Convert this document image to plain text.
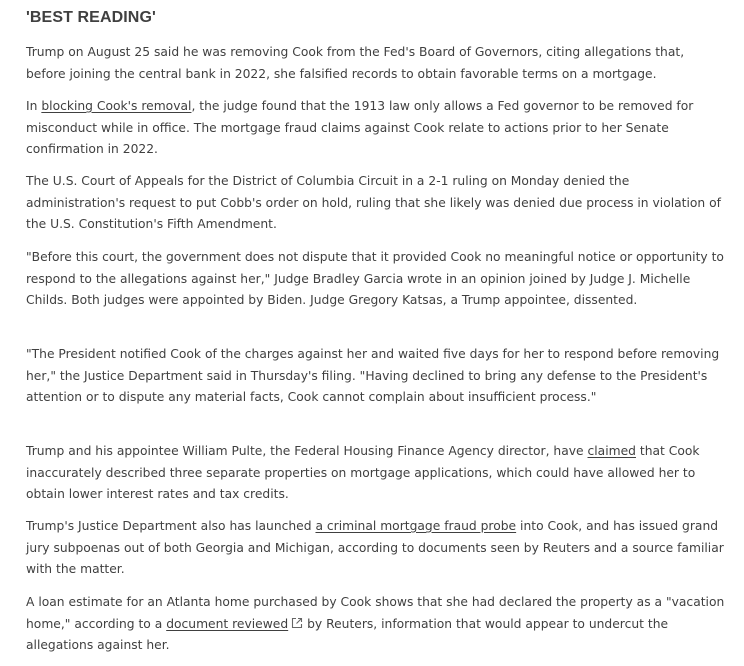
'BEST READING'

Trump on August 25 said he was removing Cook from the Fed's Board of Governors, citing allegations that, before joining the central bank in 2022, she falsified records to obtain favorable terms on a mortgage.

In blocking Cook's removal, the judge found that the 1913 law only allows a Fed governor to be removed for misconduct while in office. The mortgage fraud claims against Cook relate to actions prior to her Senate confirmation in 2022.

The U.S. Court of Appeals for the District of Columbia Circuit in a 2-1 ruling on Monday denied the administration's request to put Cobb's order on hold, ruling that she likely was denied due process in violation of the U.S. Constitution's Fifth Amendment.

"Before this court, the government does not dispute that it provided Cook no meaningful notice or opportunity to respond to the allegations against her," Judge Bradley Garcia wrote in an opinion joined by Judge J. Michelle Childs. Both judges were appointed by Biden. Judge Gregory Katsas, a Trump appointee, dissented.

"The President notified Cook of the charges against her and waited five days for her to respond before removing her," the Justice Department said in Thursday's filing. "Having declined to bring any defense to the President's attention or to dispute any material facts, Cook cannot complain about insufficient process."

Trump and his appointee William Pulte, the Federal Housing Finance Agency director, have claimed that Cook inaccurately described three separate properties on mortgage applications, which could have allowed her to obtain lower interest rates and tax credits.

Trump's Justice Department also has launched a criminal mortgage fraud probe into Cook, and has issued grand jury subpoenas out of both Georgia and Michigan, according to documents seen by Reuters and a source familiar with the matter.

A loan estimate for an Atlanta home purchased by Cook shows that she had declared the property as a "vacation home," according to a document reviewed
by Reuters, information that would appear to undercut the allegations against her.
